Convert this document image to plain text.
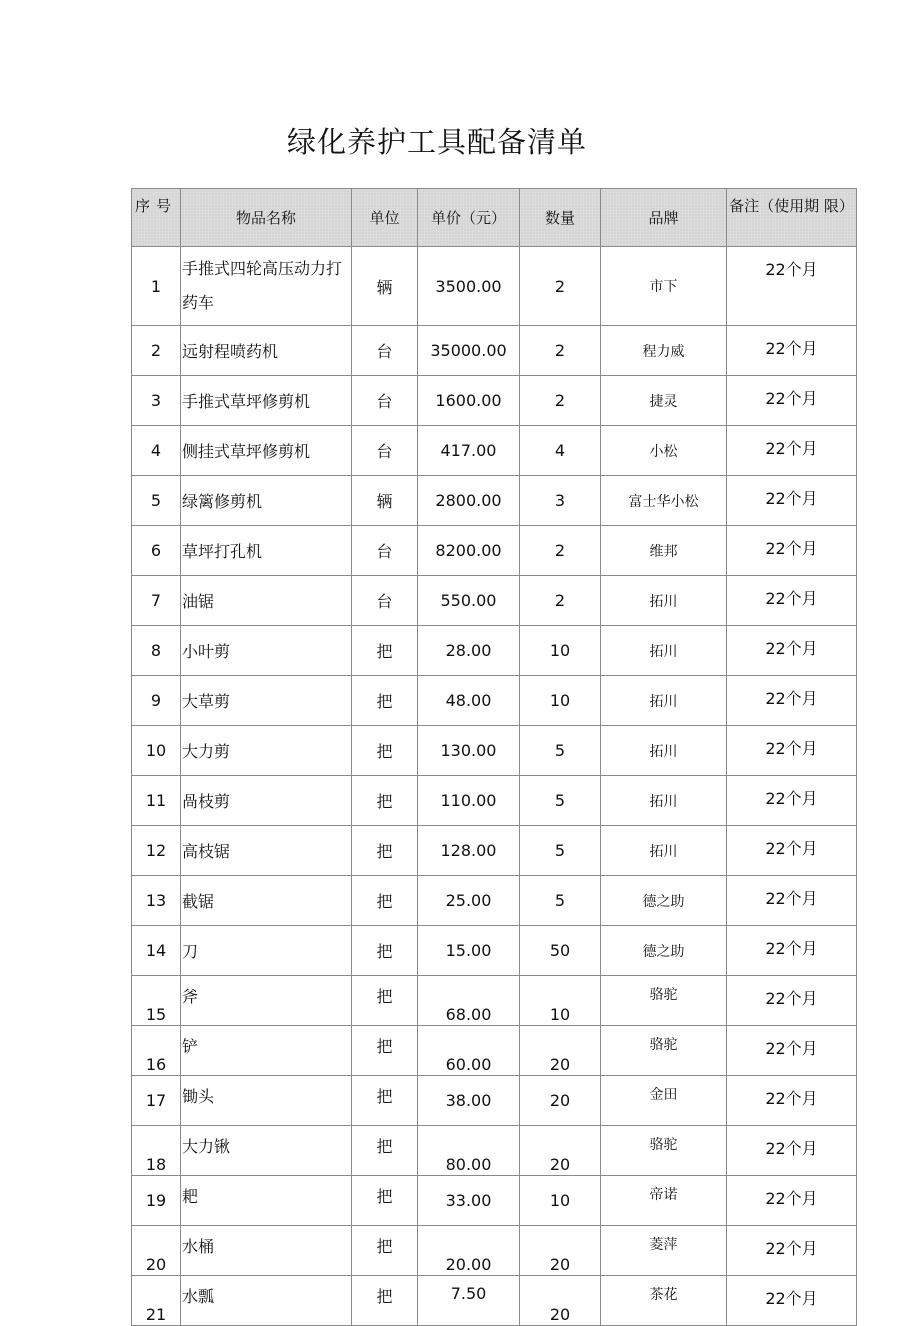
绿化养护工具配备清单
序号	物品名称	单位	单价（元）	数量	品牌	备注（使用期 限）
1	手推式四轮高压动力打药车	辆	3500.00	2	市下	22个月
2	远射程喷药机	台	35000.00	2	程力威	22个月
3	手推式草坪修剪机	台	1600.00	2	捷灵	22个月
4	侧挂式草坪修剪机	台	417.00	4	小松	22个月
5	绿篱修剪机	辆	2800.00	3	富士华小松	22个月
6	草坪打孔机	台	8200.00	2	维邦	22个月
7	油锯	台	550.00	2	拓川	22个月
8	小叶剪	把	28.00	10	拓川	22个月
9	大草剪	把	48.00	10	拓川	22个月
10	大力剪	把	130.00	5	拓川	22个月
11	咼枝剪	把	110.00	5	拓川	22个月
12	高枝锯	把	128.00	5	拓川	22个月
13	截锯	把	25.00	5	德之助	22个月
14	刀	把	15.00	50	德之助	22个月
15	斧	把	68.00	10	骆驼	22个月
16	铲	把	60.00	20	骆驼	22个月
17	锄头	把	38.00	20	金田	22个月
18	大力锹	把	80.00	20	骆驼	22个月
19	耙	把	33.00	10	帝诺	22个月
20	水桶	把	20.00	20	菱萍	22个月
21	水瓢	把	7.50	20	茶花	22个月
